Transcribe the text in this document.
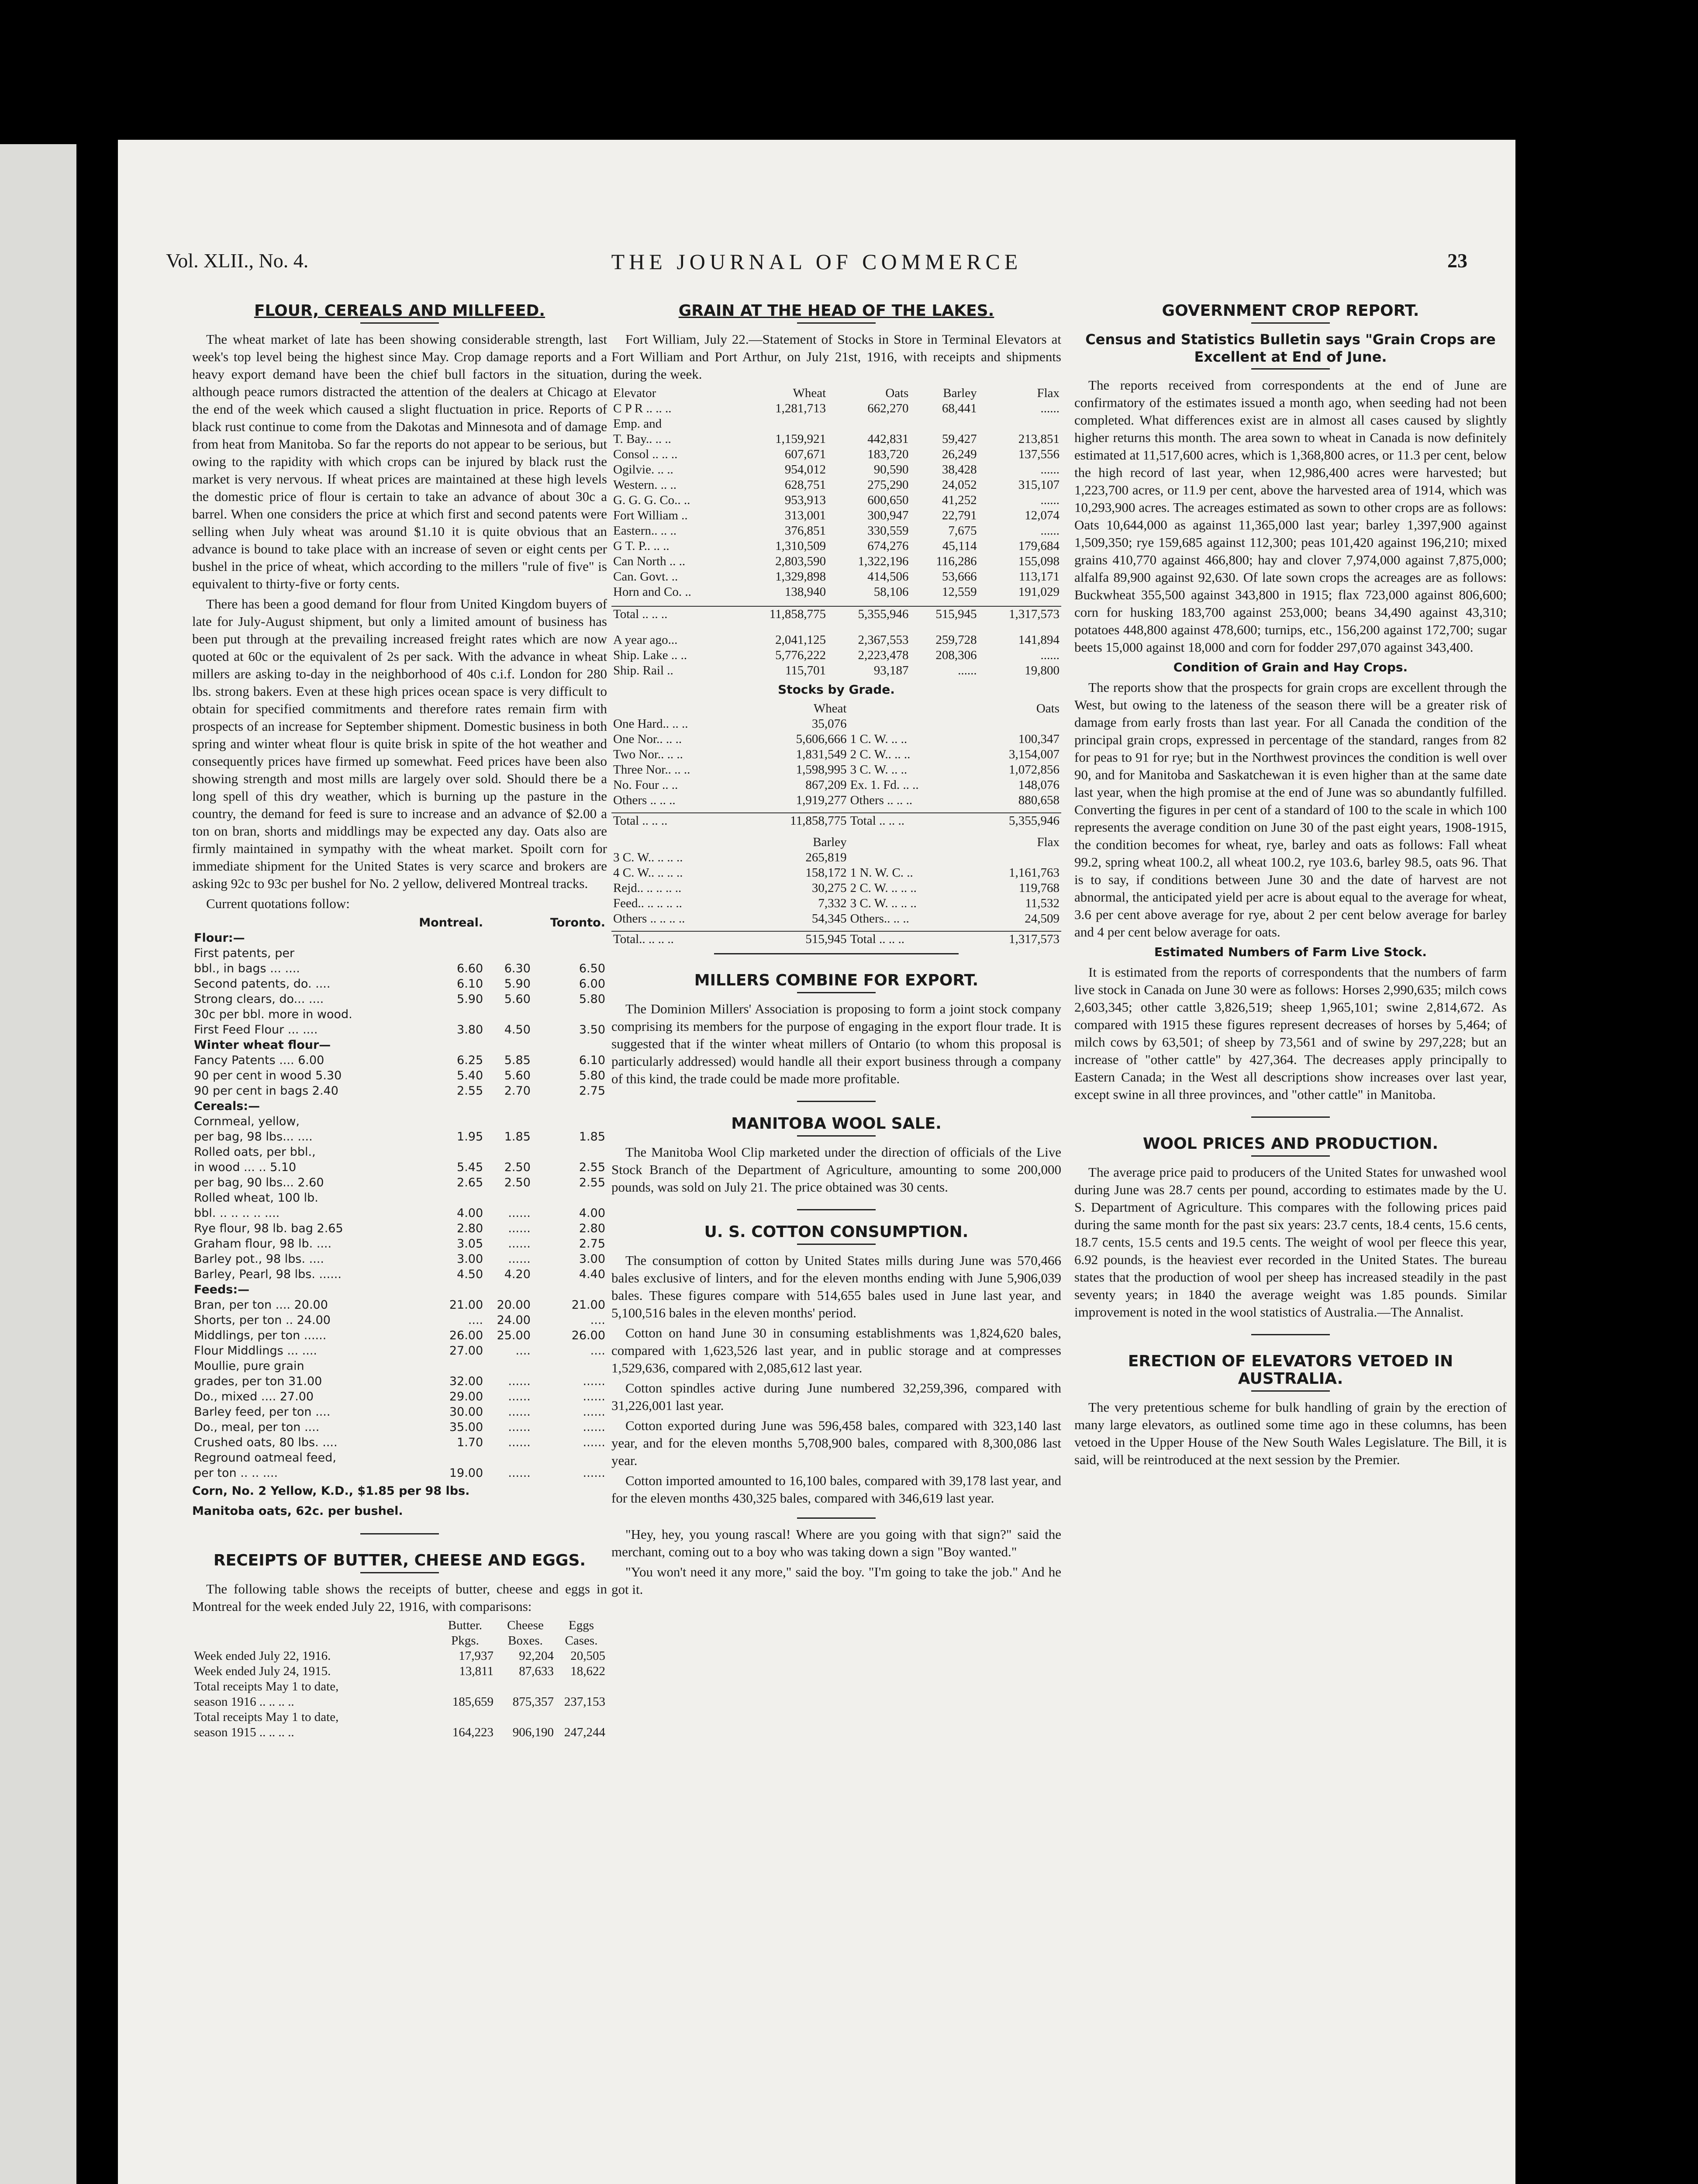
Vol. XLII., No. 4.	THE JOURNAL OF COMMERCE	23
FLOUR, CEREALS AND MILLFEED.

The wheat market of late has been showing considerable strength, last week's top level being the highest since May. Crop damage reports and a heavy export demand have been the chief bull factors in the situation, although peace rumors distracted the attention of the dealers at Chicago at the end of the week which caused a slight fluctuation in price. Reports of black rust continue to come from the Dakotas and Minnesota and of damage from heat from Manitoba. So far the reports do not appear to be serious, but owing to the rapidity with which crops can be injured by black rust the market is very nervous. If wheat prices are maintained at these high levels the domestic price of flour is certain to take an advance of about 30c a barrel. When one considers the price at which first and second patents were selling when July wheat was around $1.10 it is quite obvious that an advance is bound to take place with an increase of seven or eight cents per bushel in the price of wheat, which according to the millers "rule of five" is equivalent to thirty-five or forty cents.

There has been a good demand for flour from United Kingdom buyers of late for July-August shipment, but only a limited amount of business has been put through at the prevailing increased freight rates which are now quoted at 60c or the equivalent of 2s per sack. With the advance in wheat millers are asking to-day in the neighborhood of 40s c.i.f. London for 280 lbs. strong bakers. Even at these high prices ocean space is very difficult to obtain for specified commitments and therefore rates remain firm with prospects of an increase for September shipment. Domestic business in both spring and winter wheat flour is quite brisk in spite of the hot weather and consequently prices have firmed up somewhat. Feed prices have been also showing strength and most mills are largely over sold. Should there be a long spell of this dry weather, which is burning up the pasture in the country, the demand for feed is sure to increase and an advance of $2.00 a ton on bran, shorts and middlings may be expected any day. Oats also are firmly maintained in sympathy with the wheat market. Spoilt corn for immediate shipment for the United States is very scarce and brokers are asking 92c to 93c per bushel for No. 2 yellow, delivered Montreal tracks.

Current quotations follow:

	Montreal.		Toronto.
Flour:—			
First patents, per			
bbl., in bags ... ....	6.60	6.30	6.50
Second patents, do. ....	6.10	5.90	6.00
Strong clears, do... ....	5.90	5.60	5.80
30c per bbl. more in wood.			
First Feed Flour ... ....	3.80	4.50	3.50
Winter wheat flour—			
Fancy Patents .... 6.00	6.25	5.85	6.10
90 per cent in wood 5.30	5.40	5.60	5.80
90 per cent in bags 2.40	2.55	2.70	2.75
Cereals:—			
Cornmeal, yellow,			
per bag, 98 lbs... ....	1.95	1.85	1.85
Rolled oats, per bbl.,			
in wood ... .. 5.10	5.45	2.50	2.55
per bag, 90 lbs... 2.60	2.65	2.50	2.55
Rolled wheat, 100 lb.			
bbl. .. .. .. .. ....	4.00	......	4.00
Rye flour, 98 lb. bag 2.65	2.80	......	2.80
Graham flour, 98 lb. ....	3.05	......	2.75
Barley pot., 98 lbs. ....	3.00	......	3.00
Barley, Pearl, 98 lbs. ......	4.50	4.20	4.40
Feeds:—			
Bran, per ton .... 20.00	21.00	20.00	21.00
Shorts, per ton .. 24.00	....	24.00	....
Middlings, per ton ......	26.00	25.00	26.00
Flour Middlings ... ....	27.00	....	....
Moullie, pure grain			
grades, per ton 31.00	32.00	......	......
Do., mixed .... 27.00	29.00	......	......
Barley feed, per ton ....	30.00	......	......
Do., meal, per ton ....	35.00	......	......
Crushed oats, 80 lbs. ....	1.70	......	......
Reground oatmeal feed,			
per ton .. .. ....	19.00	......	......

Corn, No. 2 Yellow, K.D., $1.85 per 98 lbs.

Manitoba oats, 62c. per bushel.

RECEIPTS OF BUTTER, CHEESE AND EGGS.

The following table shows the receipts of butter, cheese and eggs in Montreal for the week ended July 22, 1916, with comparisons:

	Butter. Pkgs.	Cheese Boxes.	Eggs Cases.
Week ended July 22, 1916.	17,937	92,204	20,505
Week ended July 24, 1915.	13,811	87,633	18,622
Total receipts May 1 to date,			
season 1916 .. .. .. ..	185,659	875,357	237,153
Total receipts May 1 to date,			
season 1915 .. .. .. ..	164,223	906,190	247,244
GRAIN AT THE HEAD OF THE LAKES.

Fort William, July 22.—Statement of Stocks in Store in Terminal Elevators at Fort William and Port Arthur, on July 21st, 1916, with receipts and shipments during the week.

Elevator	Wheat	Oats	Barley	Flax
C P R .. .. ..	1,281,713	662,270	68,441	......
Emp. and				
T. Bay.. .. ..	1,159,921	442,831	59,427	213,851
Consol .. .. ..	607,671	183,720	26,249	137,556
Ogilvie. .. ..	954,012	90,590	38,428	......
Western. .. ..	628,751	275,290	24,052	315,107
G. G. G. Co.. ..	953,913	600,650	41,252	......
Fort William ..	313,001	300,947	22,791	12,074
Eastern.. .. ..	376,851	330,559	7,675	......
G T. P.. .. ..	1,310,509	674,276	45,114	179,684
Can North .. ..	2,803,590	1,322,196	116,286	155,098
Can. Govt. ..	1,329,898	414,506	53,666	113,171
Horn and Co. ..	138,940	58,106	12,559	191,029

Total .. .. ..	11,858,775	5,355,946	515,945	1,317,573

A year ago...	2,041,125	2,367,553	259,728	141,894
Ship. Lake .. ..	5,776,222	2,223,478	208,306	......
Ship. Rail ..	115,701	93,187	......	19,800
Stocks by Grade.
	Wheat		Oats
One Hard.. .. ..	35,076		
One Nor.. .. ..	5,606,666	1 C. W. .. ..	100,347
Two Nor.. .. ..	1,831,549	2 C. W.. .. ..	3,154,007
Three Nor.. .. ..	1,598,995	3 C. W. .. ..	1,072,856
No. Four .. ..	867,209	Ex. 1. Fd. .. ..	148,076
Others .. .. ..	1,919,277	Others .. .. ..	880,658

Total .. .. ..	11,858,775	Total .. .. ..	5,355,946

	Barley		Flax
3 C. W.. .. .. ..	265,819		
4 C. W.. .. .. ..	158,172	1 N. W. C. ..	1,161,763
Rejd.. .. .. .. ..	30,275	2 C. W. .. .. ..	119,768
Feed.. .. .. .. ..	7,332	3 C. W. .. .. ..	11,532
Others .. .. .. ..	54,345	Others.. .. ..	24,509

Total.. .. .. ..	515,945	Total .. .. ..	1,317,573
MILLERS COMBINE FOR EXPORT.

The Dominion Millers' Association is proposing to form a joint stock company comprising its members for the purpose of engaging in the export flour trade. It is suggested that if the winter wheat millers of Ontario (to whom this proposal is particularly addressed) would handle all their export business through a company of this kind, the trade could be made more profitable.

MANITOBA WOOL SALE.

The Manitoba Wool Clip marketed under the direction of officials of the Live Stock Branch of the Department of Agriculture, amounting to some 200,000 pounds, was sold on July 21. The price obtained was 30 cents.

U. S. COTTON CONSUMPTION.

The consumption of cotton by United States mills during June was 570,466 bales exclusive of linters, and for the eleven months ending with June 5,906,039 bales. These figures compare with 514,655 bales used in June last year, and 5,100,516 bales in the eleven months' period.

Cotton on hand June 30 in consuming establishments was 1,824,620 bales, compared with 1,623,526 last year, and in public storage and at compresses 1,529,636, compared with 2,085,612 last year.

Cotton spindles active during June numbered 32,259,396, compared with 31,226,001 last year.

Cotton exported during June was 596,458 bales, compared with 323,140 last year, and for the eleven months 5,708,900 bales, compared with 8,300,086 last year.

Cotton imported amounted to 16,100 bales, compared with 39,178 last year, and for the eleven months 430,325 bales, compared with 346,619 last year.

"Hey, hey, you young rascal! Where are you going with that sign?" said the merchant, coming out to a boy who was taking down a sign "Boy wanted."

"You won't need it any more," said the boy. "I'm going to take the job." And he got it.

GOVERNMENT CROP REPORT.
Census and Statistics Bulletin says "Grain Crops are Excellent at End of June.

The reports received from correspondents at the end of June are confirmatory of the estimates issued a month ago, when seeding had not been completed. What differences exist are in almost all cases caused by slightly higher returns this month. The area sown to wheat in Canada is now definitely estimated at 11,517,600 acres, which is 1,368,800 acres, or 11.3 per cent, below the high record of last year, when 12,986,400 acres were harvested; but 1,223,700 acres, or 11.9 per cent, above the harvested area of 1914, which was 10,293,900 acres. The acreages estimated as sown to other crops are as follows: Oats 10,644,000 as against 11,365,000 last year; barley 1,397,900 against 1,509,350; rye 159,685 against 112,300; peas 101,420 against 196,210; mixed grains 410,770 against 466,800; hay and clover 7,974,000 against 7,875,000; alfalfa 89,900 against 92,630. Of late sown crops the acreages are as follows: Buckwheat 355,500 against 343,800 in 1915; flax 723,000 against 806,600; corn for husking 183,700 against 253,000; beans 34,490 against 43,310; potatoes 448,800 against 478,600; turnips, etc., 156,200 against 172,700; sugar beets 15,000 against 18,000 and corn for fodder 297,070 against 343,400.

Condition of Grain and Hay Crops.

The reports show that the prospects for grain crops are excellent through the West, but owing to the lateness of the season there will be a greater risk of damage from early frosts than last year. For all Canada the condition of the principal grain crops, expressed in percentage of the standard, ranges from 82 for peas to 91 for rye; but in the Northwest provinces the condition is well over 90, and for Manitoba and Saskatchewan it is even higher than at the same date last year, when the high promise at the end of June was so abundantly fulfilled. Converting the figures in per cent of a standard of 100 to the scale in which 100 represents the average condition on June 30 of the past eight years, 1908-1915, the condition becomes for wheat, rye, barley and oats as follows: Fall wheat 99.2, spring wheat 100.2, all wheat 100.2, rye 103.6, barley 98.5, oats 96. That is to say, if conditions between June 30 and the date of harvest are not abnormal, the anticipated yield per acre is about equal to the average for wheat, 3.6 per cent above average for rye, about 2 per cent below average for barley and 4 per cent below average for oats.

Estimated Numbers of Farm Live Stock.

It is estimated from the reports of correspondents that the numbers of farm live stock in Canada on June 30 were as follows: Horses 2,990,635; milch cows 2,603,345; other cattle 3,826,519; sheep 1,965,101; swine 2,814,672. As compared with 1915 these figures represent decreases of horses by 5,464; of milch cows by 63,501; of sheep by 73,561 and of swine by 297,228; but an increase of "other cattle" by 427,364. The decreases apply principally to Eastern Canada; in the West all descriptions show increases over last year, except swine in all three provinces, and "other cattle" in Manitoba.

WOOL PRICES AND PRODUCTION.

The average price paid to producers of the United States for unwashed wool during June was 28.7 cents per pound, according to estimates made by the U. S. Department of Agriculture. This compares with the following prices paid during the same month for the past six years: 23.7 cents, 18.4 cents, 15.6 cents, 18.7 cents, 15.5 cents and 19.5 cents. The weight of wool per fleece this year, 6.92 pounds, is the heaviest ever recorded in the United States. The bureau states that the production of wool per sheep has increased steadily in the past seventy years; in 1840 the average weight was 1.85 pounds. Similar improvement is noted in the wool statistics of Australia.—The Annalist.

ERECTION OF ELEVATORS VETOED IN AUSTRALIA.

The very pretentious scheme for bulk handling of grain by the erection of many large elevators, as outlined some time ago in these columns, has been vetoed in the Upper House of the New South Wales Legislature. The Bill, it is said, will be reintroduced at the next session by the Premier.
